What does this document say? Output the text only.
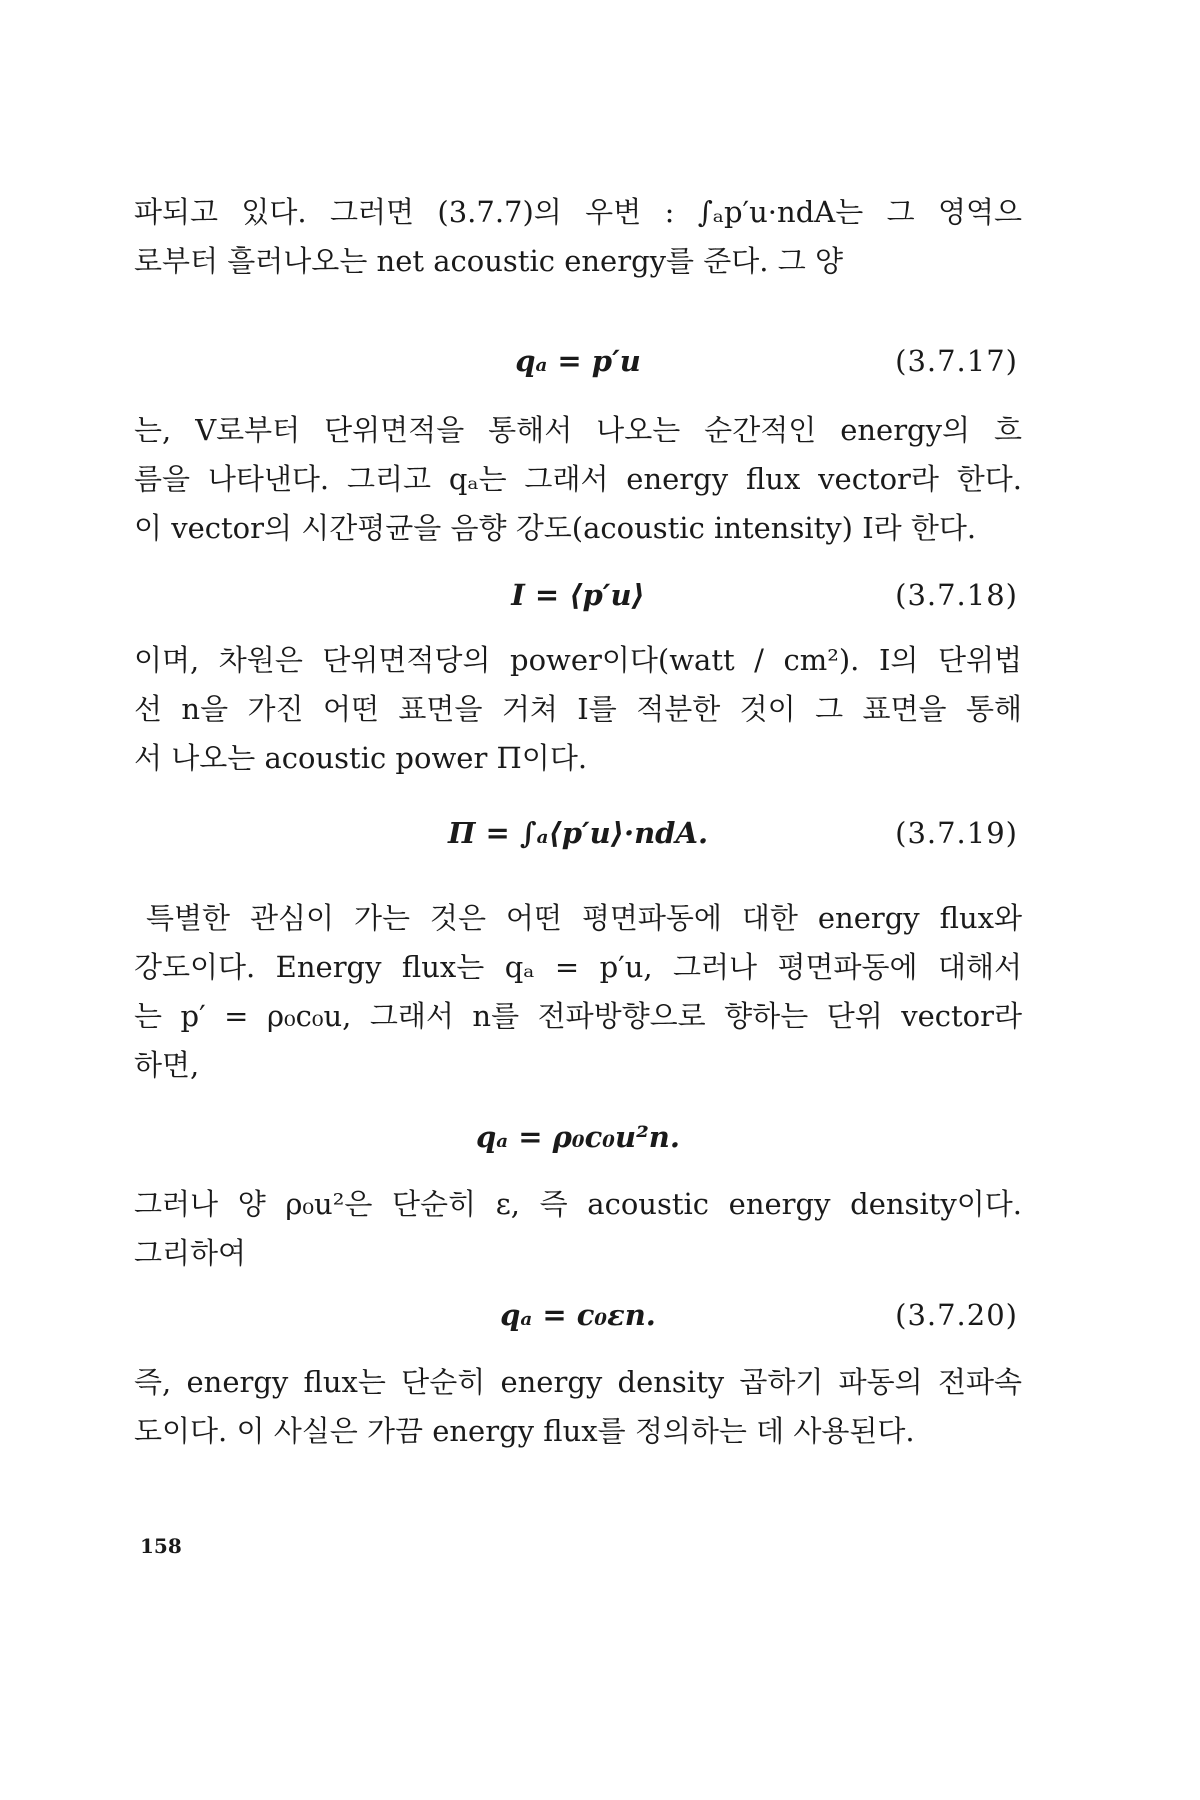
파되고 있다. 그러면 (3.7.7)의 우변 : ∫ₐp′u·ndA는 그 영역으
로부터 흘러나오는 net acoustic energy를 준다. 그 양
qₐ = p′u	(3.7.17)
는, V로부터 단위면적을 통해서 나오는 순간적인 energy의 흐
름을 나타낸다. 그리고 qₐ는 그래서 energy flux vector라 한다.
이 vector의 시간평균을 음향 강도(acoustic intensity) I라 한다.
I = ⟨p′u⟩	(3.7.18)
이며, 차원은 단위면적당의 power이다(watt / cm²). I의 단위법
선 n을 가진 어떤 표면을 거쳐 I를 적분한 것이 그 표면을 통해
서 나오는 acoustic power Π이다.
Π = ∫ₐ⟨p′u⟩·ndA.	(3.7.19)
특별한 관심이 가는 것은 어떤 평면파동에 대한 energy flux와
강도이다. Energy flux는 qₐ = p′u, 그러나 평면파동에 대해서
는 p′ = ρ₀c₀u, 그래서 n를 전파방향으로 향하는 단위 vector라
하면,
qₐ = ρ₀c₀u²n.
그러나 양 ρ₀u²은 단순히 ε, 즉 acoustic energy density이다.
그리하여
qₐ = c₀εn.	(3.7.20)
즉, energy flux는 단순히 energy density 곱하기 파동의 전파속
도이다. 이 사실은 가끔 energy flux를 정의하는 데 사용된다.
158
